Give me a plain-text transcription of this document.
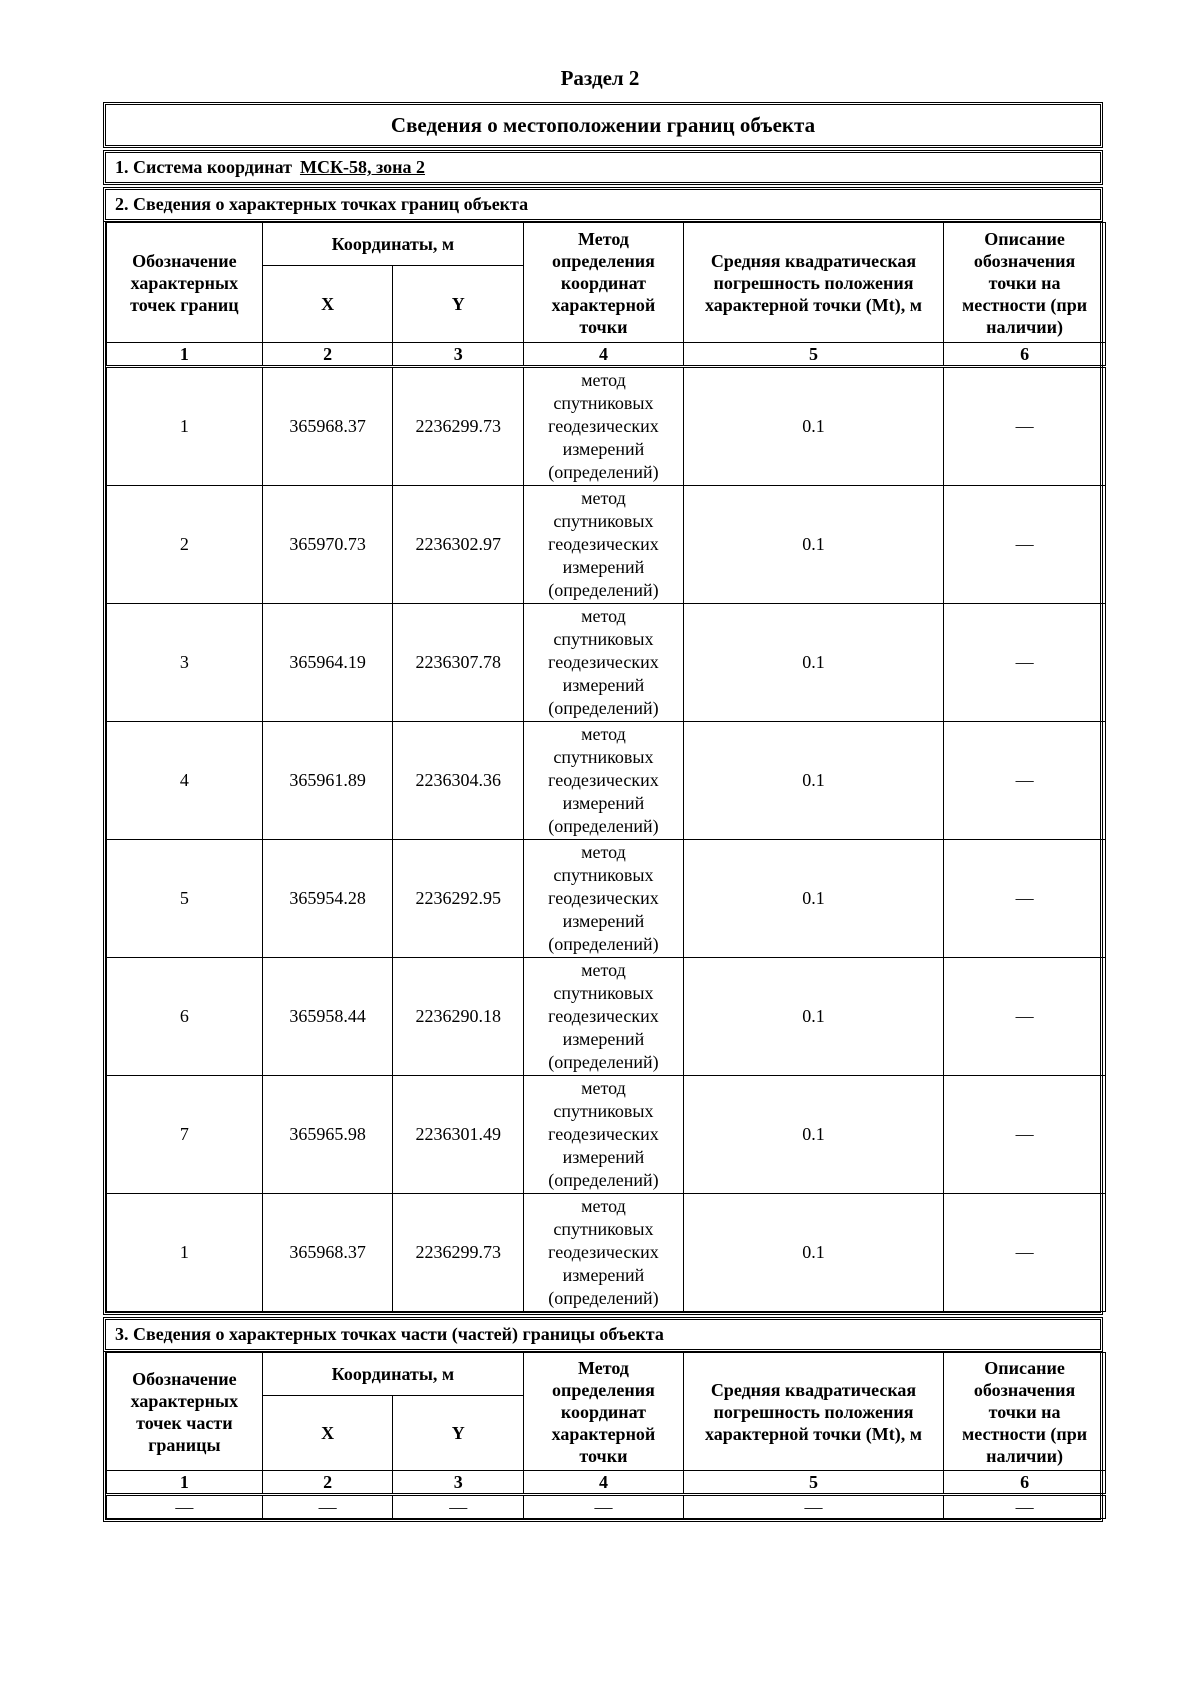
Раздел 2
Сведения о местоположении границ объекта
1. Система координат МСК-58, зона 2
2. Сведения о характерных точках границ объекта
Обозначение характерных точек границ	Координаты, м		Метод определения координат характерной точки	Средняя квадратическая погрешность положения характерной точки (Mt), м	Описание обозначения точки на местности (при наличии)
	X	Y			
1	2	3	4	5	6
1	365968.37	2236299.73	метод спутниковых геодезических измерений (определений)	0.1	—
2	365970.73	2236302.97	метод спутниковых геодезических измерений (определений)	0.1	—
3	365964.19	2236307.78	метод спутниковых геодезических измерений (определений)	0.1	—
4	365961.89	2236304.36	метод спутниковых геодезических измерений (определений)	0.1	—
5	365954.28	2236292.95	метод спутниковых геодезических измерений (определений)	0.1	—
6	365958.44	2236290.18	метод спутниковых геодезических измерений (определений)	0.1	—
7	365965.98	2236301.49	метод спутниковых геодезических измерений (определений)	0.1	—
1	365968.37	2236299.73	метод спутниковых геодезических измерений (определений)	0.1	—
3. Сведения о характерных точках части (частей) границы объекта
Обозначение характерных точек части границы	Координаты, м		Метод определения координат характерной точки	Средняя квадратическая погрешность положения характерной точки (Mt), м	Описание обозначения точки на местности (при наличии)
	X	Y			
1	2	3	4	5	6
—	—	—	—	—	—
